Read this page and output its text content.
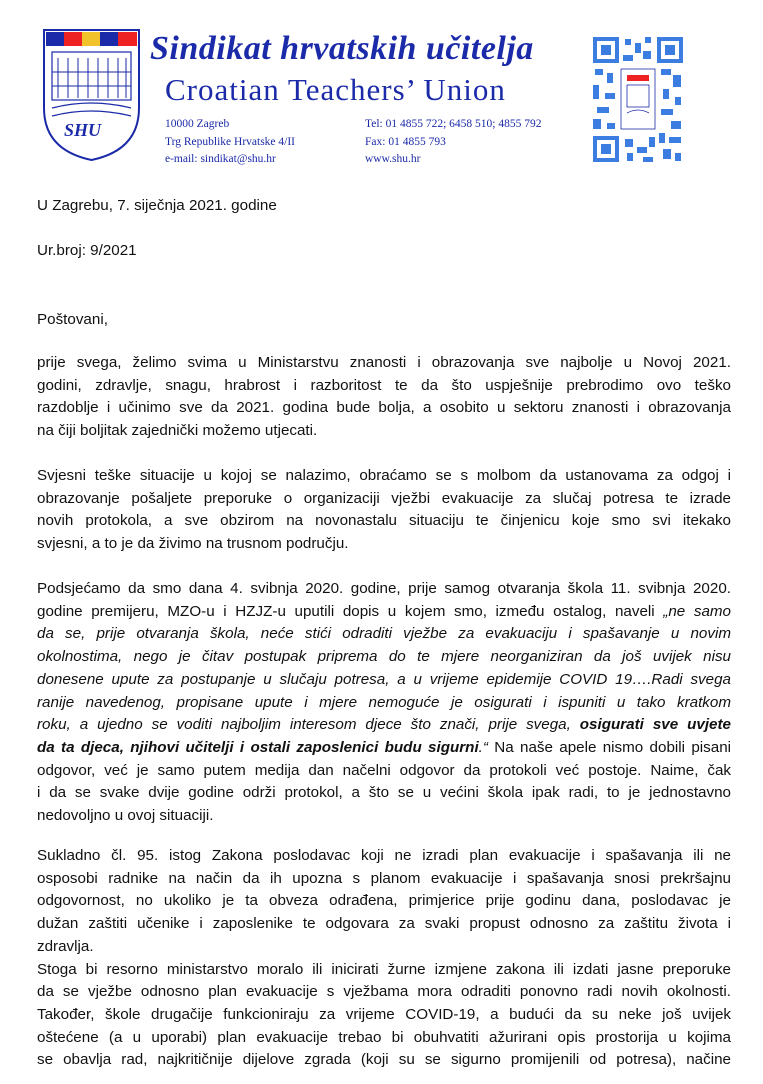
SHU
Sindikat hrvatskih učitelja
Croatian Teachers’ Union
10000 Zagreb
Trg Republike Hrvatske 4/II
e-mail: sindikat@shu.hr
Tel: 01 4855 722; 6458 510; 4855 792
Fax: 01 4855 793
www.shu.hr
U Zagrebu, 7. siječnja 2021. godine
Ur.broj: 9/2021
Poštovani,

prije svega, želimo svima u Ministarstvu znanosti i obrazovanja sve najbolje u Novoj 2021.

godini, zdravlje, snagu, hrabrost i razboritost te da što uspješnije prebrodimo ovo teško

razdoblje i učinimo sve da 2021. godina bude bolja, a osobito u sektoru znanosti i obrazovanja

na čiji boljitak zajednički možemo utjecati.

Svjesni teške situacije u kojoj se nalazimo, obraćamo se s molbom da ustanovama za odgoj i

obrazovanje pošaljete preporuke o organizaciji vježbi evakuacije za slučaj potresa te izrade

novih protokola, a sve obzirom na novonastalu situaciju te činjenicu koje smo svi itekako

svjesni, a to je da živimo na trusnom području.

Podsjećamo da smo dana 4. svibnja 2020. godine, prije samog otvaranja škola 11. svibnja 2020.

godine premijeru, MZO-u i HZJZ-u uputili dopis u kojem smo, između ostalog, naveli „ne samo

da se, prije otvaranja škola, neće stići odraditi vježbe za evakuaciju i spašavanje u novim

okolnostima, nego je čitav postupak priprema do te mjere neorganiziran da još uvijek nisu

donesene upute za postupanje u slučaju potresa, a u vrijeme epidemije COVID 19….Radi svega

ranije navedenog, propisane upute i mjere nemoguće je osigurati i ispuniti u tako kratkom

roku, a ujedno se voditi najboljim interesom djece što znači, prije svega, osigurati sve uvjete

da ta djeca, njihovi učitelji i ostali zaposlenici budu sigurni.“ Na naše apele nismo dobili pisani

odgovor, već je samo putem medija dan načelni odgovor da protokoli već postoje. Naime, čak

i da se svake dvije godine održi protokol, a što se u većini škola ipak radi, to je jednostavno

nedovoljno u ovoj situaciji.

Sukladno čl. 95. istog Zakona poslodavac koji ne izradi plan evakuacije i spašavanja ili ne

osposobi radnike na način da ih upozna s planom evakuacije i spašavanja snosi prekršajnu

odgovornost, no ukoliko je ta obveza odrađena, primjerice prije godinu dana, poslodavac je

dužan zaštiti učenike i zaposlenike te odgovara za svaki propust odnosno za zaštitu života i

zdravlja.

Stoga bi resorno ministarstvo moralo ili inicirati žurne izmjene zakona ili izdati jasne preporuke

da se vježbe odnosno plan evakuacije s vježbama mora odraditi ponovno radi novih okolnosti.

Također, škole drugačije funkcioniraju za vrijeme COVID-19, a budući da su neke još uvijek

oštećene (a u uporabi) plan evakuacije trebao bi obuhvatiti ažurirani opis prostorija u kojima

se obavlja rad, najkritičnije dijelove zgrada (koji su se sigurno promijenili od potresa), načine
